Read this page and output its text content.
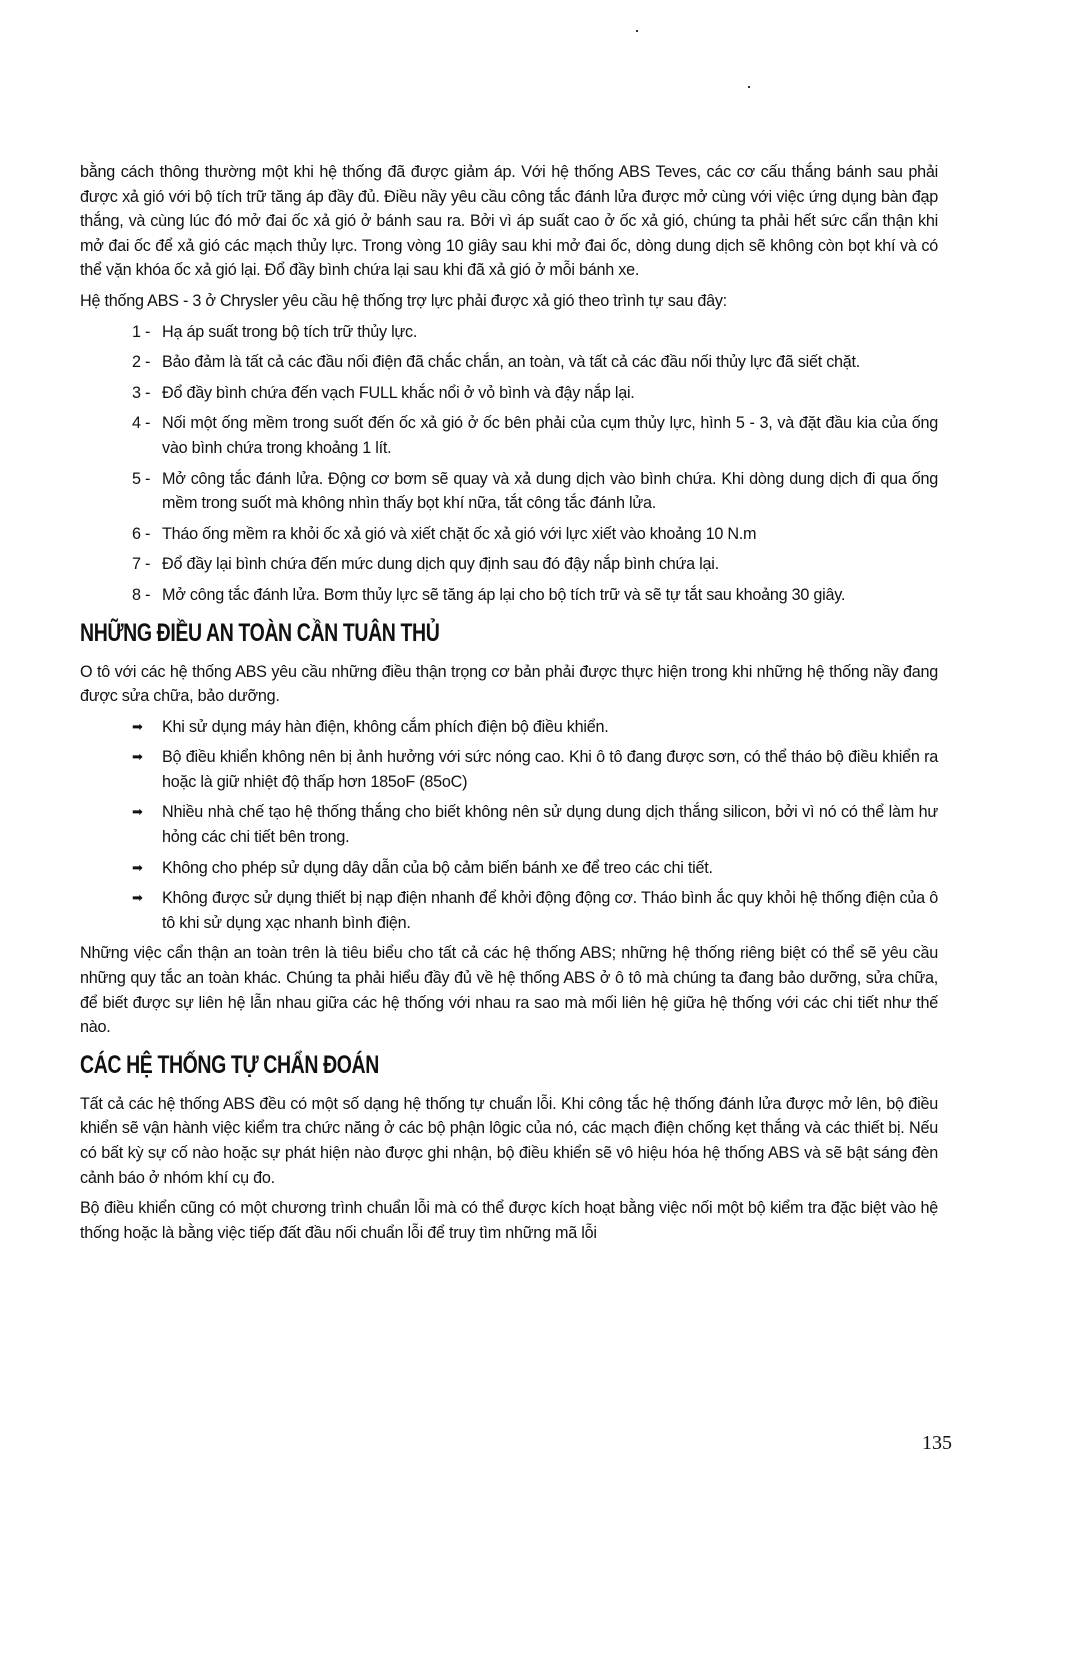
bằng cách thông thường một khi hệ thống đã được giảm áp. Với hệ thống ABS Teves, các cơ cấu thắng bánh sau phải được xả gió với bộ tích trữ tăng áp đầy đủ. Điều nầy yêu cầu công tắc đánh lửa được mở cùng với việc ứng dụng bàn đạp thắng, và cùng lúc đó mở đai ốc xả gió ở bánh sau ra. Bởi vì áp suất cao ở ốc xả gió, chúng ta phải hết sức cẩn thận khi mở đai ốc để xả gió các mạch thủy lực. Trong vòng 10 giây sau khi mở đai ốc, dòng dung dịch sẽ không còn bọt khí và có thể vặn khóa ốc xả gió lại. Đổ đầy bình chứa lại sau khi đã xả gió ở mỗi bánh xe.

Hệ thống ABS - 3 ở Chrysler yêu cầu hệ thống trợ lực phải được xả gió theo trình tự sau đây:

1 - Hạ áp suất trong bộ tích trữ thủy lực.
2 - Bảo đảm là tất cả các đầu nối điện đã chắc chắn, an toàn, và tất cả các đầu nối thủy lực đã siết chặt.
3 - Đổ đầy bình chứa đến vạch FULL khắc nổi ở vỏ bình và đậy nắp lại.
4 - Nối một ống mềm trong suốt đến ốc xả gió ở ốc bên phải của cụm thủy lực, hình 5 - 3, và đặt đầu kia của ống vào bình chứa trong khoảng 1 lít.
5 - Mở công tắc đánh lửa. Động cơ bơm sẽ quay và xả dung dịch vào bình chứa. Khi dòng dung dịch đi qua ống mềm trong suốt mà không nhìn thấy bọt khí nữa, tắt công tắc đánh lửa.
6 - Tháo ống mềm ra khỏi ốc xả gió và xiết chặt ốc xả gió với lực xiết vào khoảng 10 N.m
7 - Đổ đầy lại bình chứa đến mức dung dịch quy định sau đó đậy nắp bình chứa lại.
8 - Mở công tắc đánh lửa. Bơm thủy lực sẽ tăng áp lại cho bộ tích trữ và sẽ tự tắt sau khoảng 30 giây.
NHỮNG ĐIỀU AN TOÀN CẦN TUÂN THỦ

O tô với các hệ thống ABS yêu cầu những điều thận trọng cơ bản phải được thực hiện trong khi những hệ thống nầy đang được sửa chữa, bảo dưỡng.

➡	Khi sử dụng máy hàn điện, không cắm phích điện bộ điều khiển.
➡	Bộ điều khiển không nên bị ảnh hưởng với sức nóng cao. Khi ô tô đang được sơn, có thể tháo bộ điều khiển ra hoặc là giữ nhiệt độ thấp hơn 185oF (85oC)
➡	Nhiều nhà chế tạo hệ thống thắng cho biết không nên sử dụng dung dịch thắng silicon, bởi vì nó có thể làm hư hỏng các chi tiết bên trong.
➡	Không cho phép sử dụng dây dẫn của bộ cảm biến bánh xe để treo các chi tiết.
➡	Không được sử dụng thiết bị nạp điện nhanh để khởi động động cơ. Tháo bình ắc quy khỏi hệ thống điện của ô tô khi sử dụng xạc nhanh bình điện.

Những việc cẩn thận an toàn trên là tiêu biểu cho tất cả các hệ thống ABS; những hệ thống riêng biệt có thể sẽ yêu cầu những quy tắc an toàn khác. Chúng ta phải hiểu đầy đủ về hệ thống ABS ở ô tô mà chúng ta đang bảo dưỡng, sửa chữa, để biết được sự liên hệ lẫn nhau giữa các hệ thống với nhau ra sao mà mối liên hệ giữa hệ thống với các chi tiết như thế nào.

CÁC HỆ THỐNG TỰ CHẨN ĐOÁN

Tất cả các hệ thống ABS đều có một số dạng hệ thống tự chuẩn lỗi. Khi công tắc hệ thống đánh lửa được mở lên, bộ điều khiển sẽ vận hành việc kiểm tra chức năng ở các bộ phận lôgic của nó, các mạch điện chống kẹt thắng và các thiết bị. Nếu có bất kỳ sự cố nào hoặc sự phát hiện nào được ghi nhận, bộ điều khiển sẽ vô hiệu hóa hệ thống ABS và sẽ bật sáng đèn cảnh báo ở nhóm khí cụ đo.

Bộ điều khiển cũng có một chương trình chuẩn lỗi mà có thể được kích hoạt bằng việc nối một bộ kiểm tra đặc biệt vào hệ thống hoặc là bằng việc tiếp đất đầu nối chuẩn lỗi để truy tìm những mã lỗi

135
